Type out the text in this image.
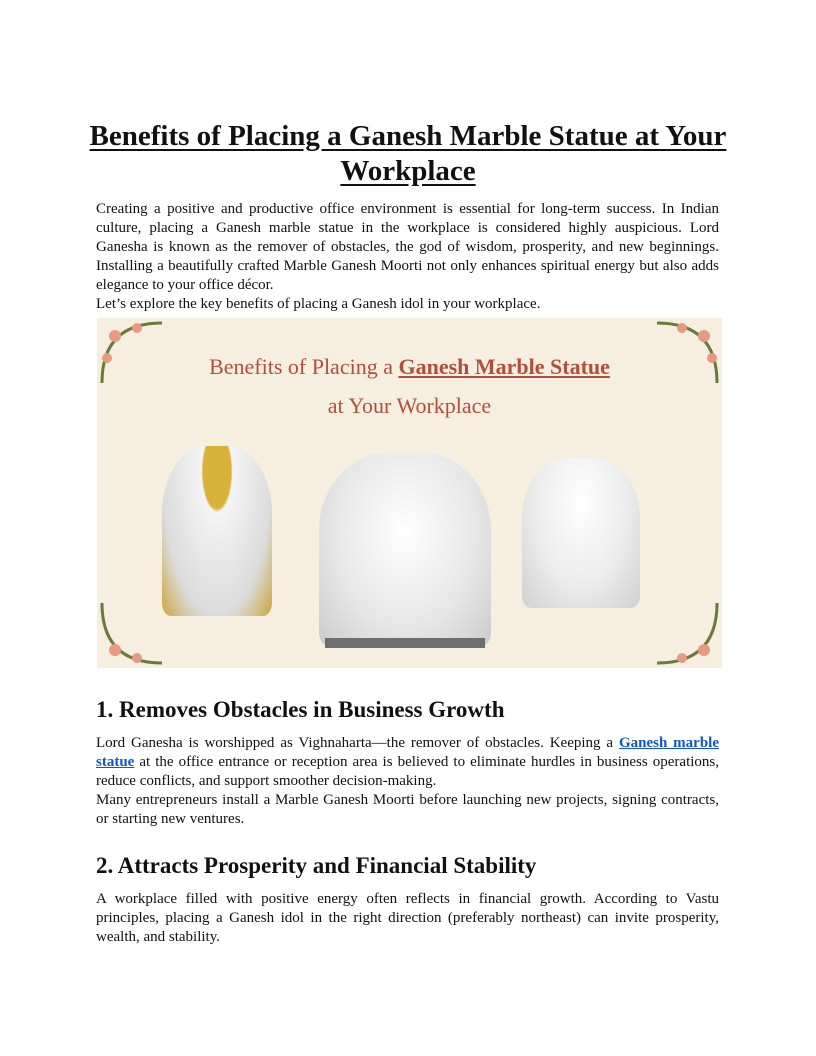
Benefits of Placing a Ganesh Marble Statue at Your Workplace

Creating a positive and productive office environment is essential for long-term success. In Indian culture, placing a Ganesh marble statue in the workplace is considered highly auspicious. Lord Ganesha is known as the remover of obstacles, the god of wisdom, prosperity, and new beginnings. Installing a beautifully crafted Marble Ganesh Moorti not only enhances spiritual energy but also adds elegance to your office décor.
Let’s explore the key benefits of placing a Ganesh idol in your workplace.

Benefits of Placing a Ganesh Marble Statue
at Your Workplace
1. Removes Obstacles in Business Growth

Lord Ganesha is worshipped as Vighnaharta—the remover of obstacles. Keeping a Ganesh marble statue at the office entrance or reception area is believed to eliminate hurdles in business operations, reduce conflicts, and support smoother decision-making.
Many entrepreneurs install a Marble Ganesh Moorti before launching new projects, signing contracts, or starting new ventures.

2. Attracts Prosperity and Financial Stability

A workplace filled with positive energy often reflects in financial growth. According to Vastu principles, placing a Ganesh idol in the right direction (preferably northeast) can invite prosperity, wealth, and stability.
